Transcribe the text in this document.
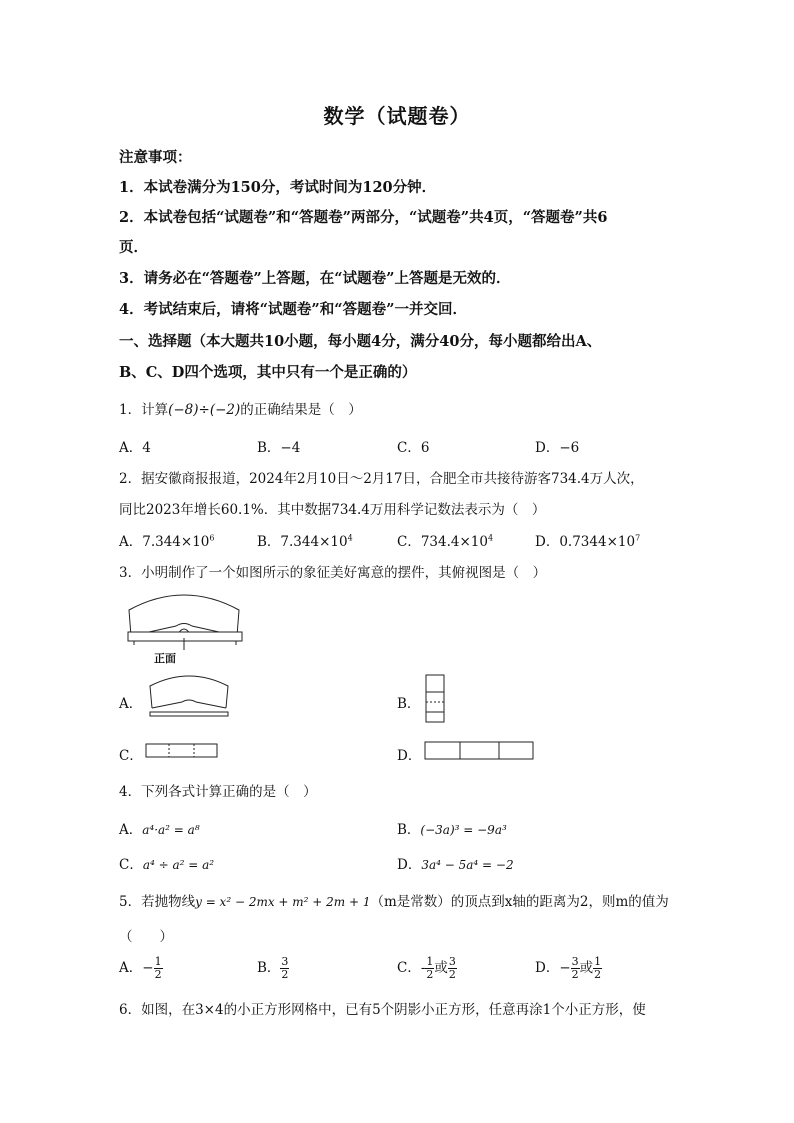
数学（试题卷）
注意事项：
1．本试卷满分为150分，考试时间为120分钟．
2．本试卷包括“试题卷”和“答题卷”两部分，“试题卷”共4页，“答题卷”共6
页．
3．请务必在“答题卷”上答题，在“试题卷”上答题是无效的．
4．考试结束后，请将“试题卷”和“答题卷”一并交回．
一、选择题（本大题共10小题，每小题4分，满分40分，每小题都给出A、
B、C、D四个选项，其中只有一个是正确的）
1．计算(−8)÷(−2)的正确结果是（　）
A．4	B．−4	C．6	D．−6
2．据安徽商报报道，2024年2月10日～2月17日，合肥全市共接待游客734.4万人次，
同比2023年增长60.1%．其中数据734.4万用科学记数法表示为（　）
A．$7.344\times 10^6$	B．$7.344\times 10^4$	C．$734.4\times 10^4$	D．$0.7344\times 10^7$
3．小明制作了一个如图所示的象征美好寓意的摆件，其俯视图是（　）
正面
A．	B．
C．	D．
4．下列各式计算正确的是（　）
A．a⁴·a² = a⁸	B．(−3a)³ = −9a³
C．a⁴ ÷ a² = a²	D．3a⁴ − 5a⁴ = −2
5．若抛物线y = x² − 2mx + m² + 2m + 1（m是常数）的顶点到x轴的距离为2，则m的值为
（　　）
A．− $\frac{1}{2}$	B． $\frac{3}{2}$	C．- $\frac{1}{2}$ 或 $\frac{3}{2}$	D．− $\frac{3}{2}$ 或 $\frac{1}{2}$
6．如图，在3×4的小正方形网格中，已有5个阴影小正方形，任意再涂1个小正方形，使
